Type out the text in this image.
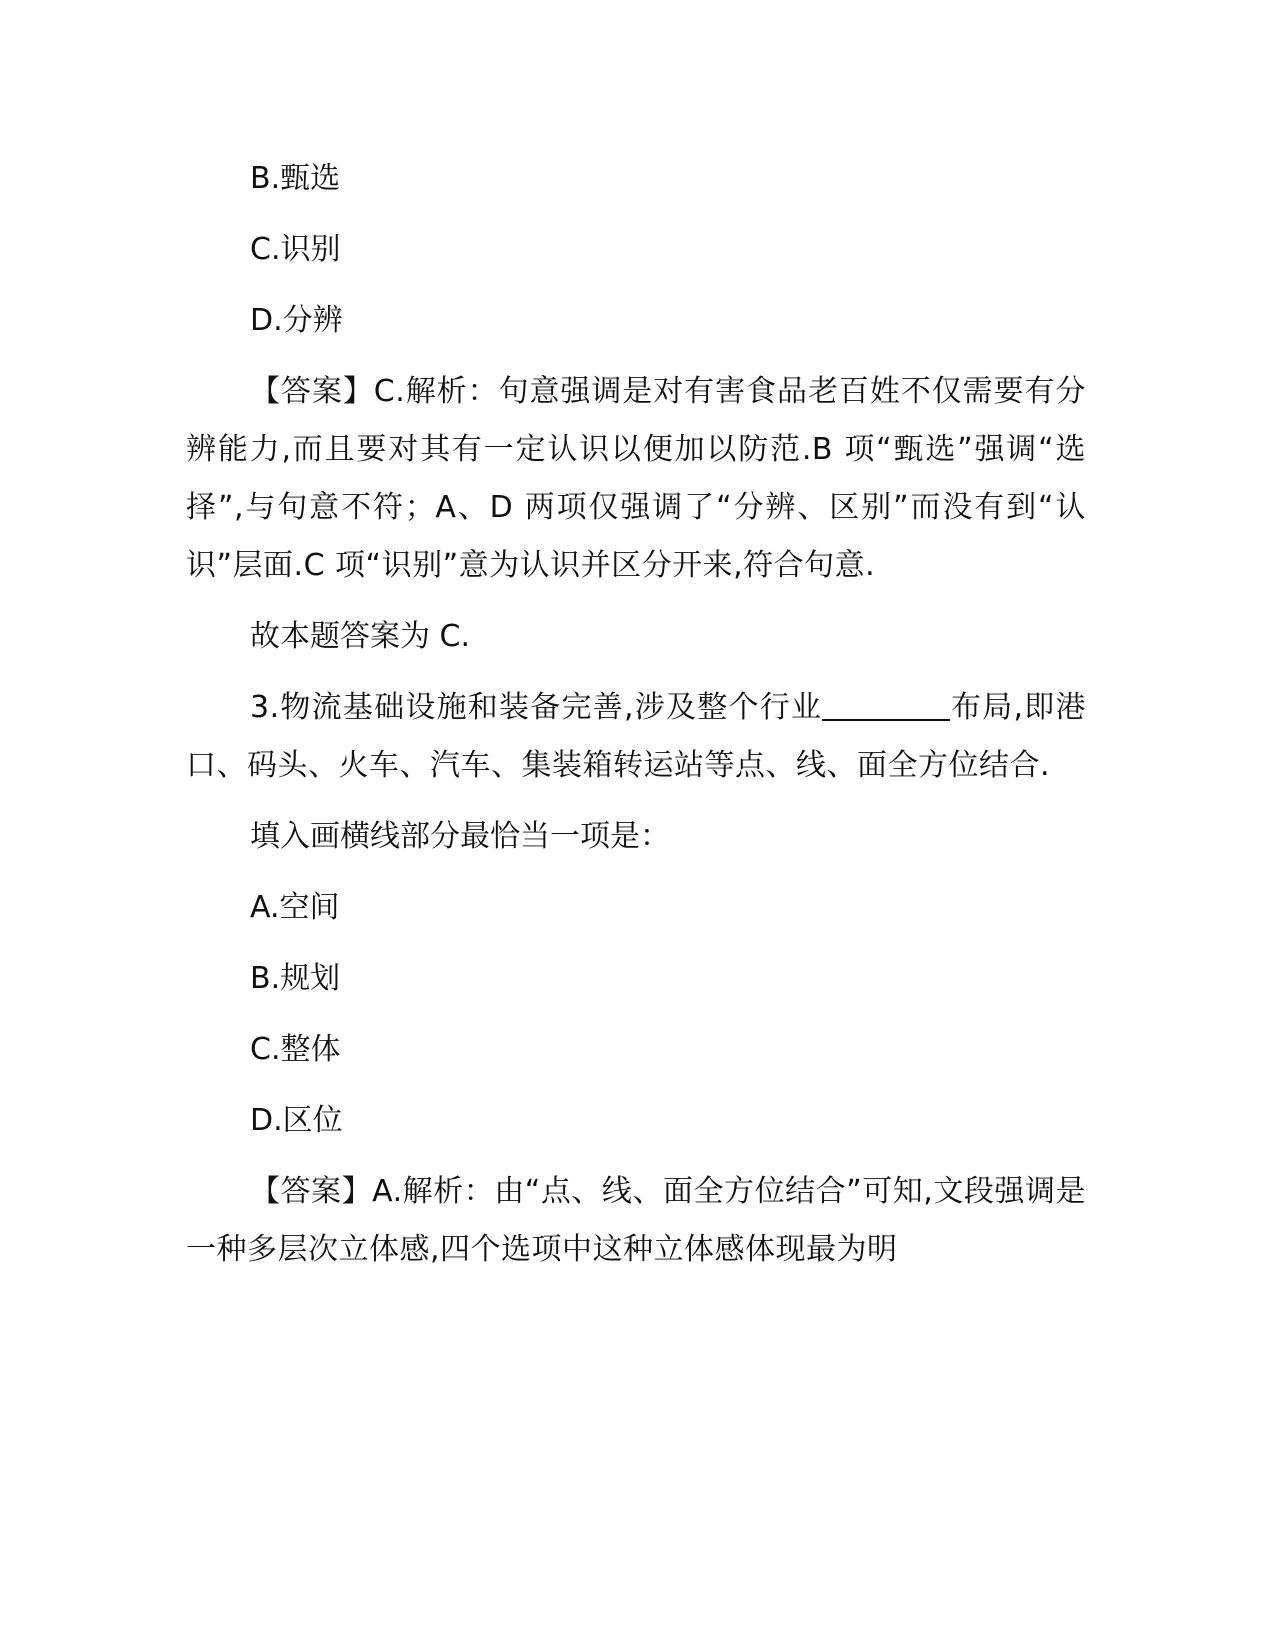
B.甄选
C.识别
D.分辨
【答案】C.解析：句意强调是对有害食品老百姓不仅需要有分辨能力,而且要对其有一定认识以便加以防范.B 项“甄选”强调“选择”,与句意不符；A、D 两项仅强调了“分辨、区别”而没有到“认识”层面.C 项“识别”意为认识并区分开来,符合句意.
故本题答案为 C.
3.物流基础设施和装备完善,涉及整个行业	布局,即港口、码头、火车、汽车、集装箱转运站等点、线、面全方位结合.
填入画横线部分最恰当一项是：
A.空间
B.规划
C.整体
D.区位
【答案】A.解析：由“点、线、面全方位结合”可知,文段强调是一种多层次立体感,四个选项中这种立体感体现最为明
